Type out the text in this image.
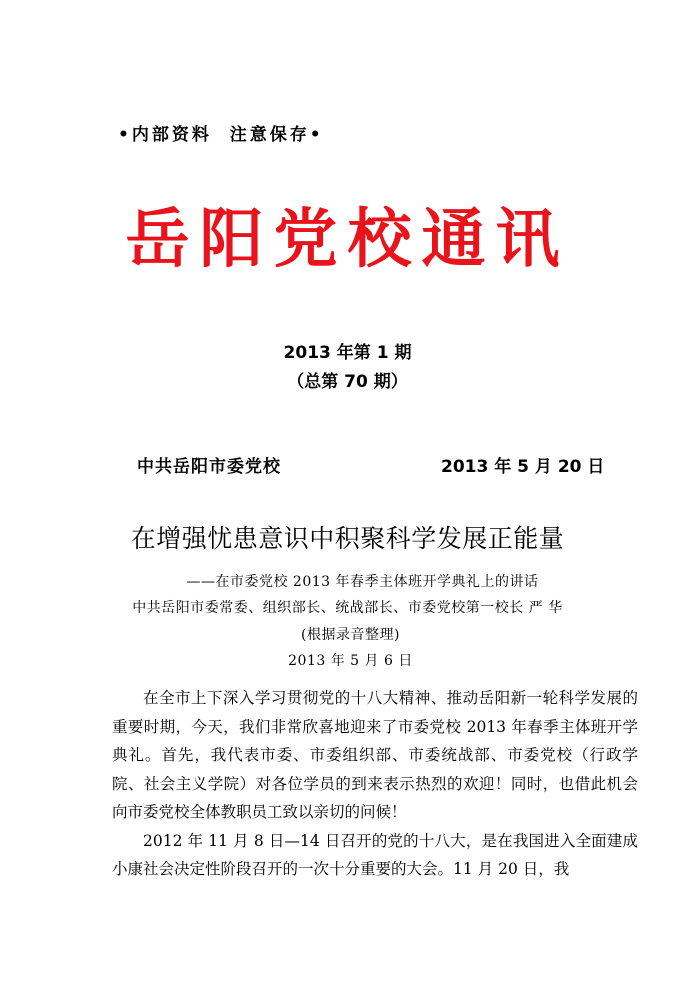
•内部资料  注意保存•
岳阳党校通讯
2013 年第 1 期
（总第 70 期）
中共岳阳市委党校	2013 年 5 月 20 日
在增强忧患意识中积聚科学发展正能量
——在市委党校 2013 年春季主体班开学典礼上的讲话
中共岳阳市委常委、组织部长、统战部长、市委党校第一校长 严 华
(根据录音整理)
2013 年 5 月 6 日

在全市上下深入学习贯彻党的十八大精神、推动岳阳新一轮科学发展的重要时期，今天，我们非常欣喜地迎来了市委党校 2013 年春季主体班开学典礼。首先，我代表市委、市委组织部、市委统战部、市委党校（行政学院、社会主义学院）对各位学员的到来表示热烈的欢迎！同时，也借此机会向市委党校全体教职员工致以亲切的问候！

2012 年 11 月 8 日—14 日召开的党的十八大，是在我国进入全面建成小康社会决定性阶段召开的一次十分重要的大会。11 月 20 日，我
